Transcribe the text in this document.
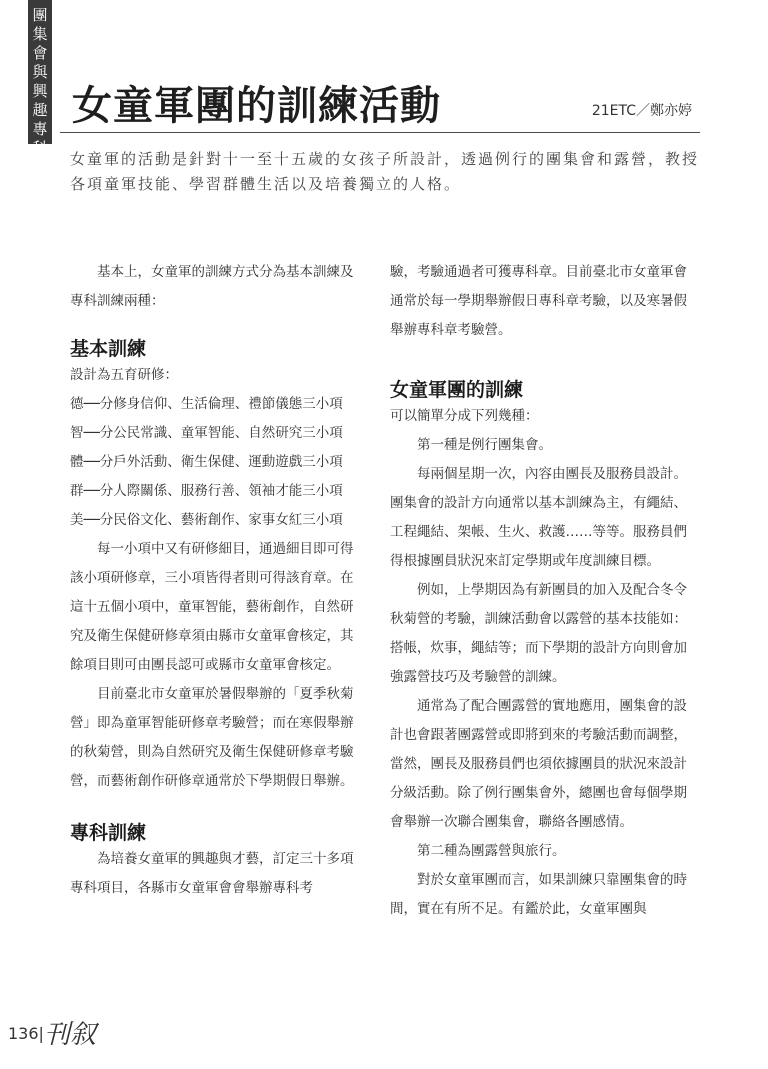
團集會與興趣專科
女童軍團的訓練活動	21ETC／鄭亦婷

女童軍的活動是針對十一至十五歲的女孩子所設計，透過例行的團集會和露營，教授各項童軍技能、學習群體生活以及培養獨立的人格。

基本上，女童軍的訓練方式分為基本訓練及專科訓練兩種：

基本訓練

設計為五育研修：

德──分修身信仰、生活倫理、禮節儀態三小項

智──分公民常識、童軍智能、自然研究三小項

體──分戶外活動、衛生保健、運動遊戲三小項

群──分人際關係、服務行善、領袖才能三小項

美──分民俗文化、藝術創作、家事女紅三小項

每一小項中又有研修細目，通過細目即可得該小項研修章，三小項皆得者則可得該育章。在這十五個小項中，童軍智能，藝術創作，自然研究及衛生保健研修章須由縣市女童軍會核定，其餘項目則可由團長認可或縣市女童軍會核定。

目前臺北市女童軍於暑假舉辦的「夏季秋菊營」即為童軍智能研修章考驗營；而在寒假舉辦的秋菊營，則為自然研究及衛生保健研修章考驗營，而藝術創作研修章通常於下學期假日舉辦。

專科訓練

為培養女童軍的興趣與才藝，訂定三十多項專科項目，各縣市女童軍會會舉辦專科考

驗，考驗通過者可獲專科章。目前臺北市女童軍會通常於每一學期舉辦假日專科章考驗，以及寒暑假舉辦專科章考驗營。

女童軍團的訓練

可以簡單分成下列幾種：

第一種是例行團集會。

每兩個星期一次，內容由團長及服務員設計。團集會的設計方向通常以基本訓練為主，有繩結、工程繩結、架帳、生火、救護……等等。服務員們得根據團員狀況來訂定學期或年度訓練目標。

例如，上學期因為有新團員的加入及配合冬令秋菊營的考驗，訓練活動會以露營的基本技能如：搭帳，炊事，繩結等；而下學期的設計方向則會加強露營技巧及考驗營的訓練。

通常為了配合團露營的實地應用，團集會的設計也會跟著團露營或即將到來的考驗活動而調整，當然，團長及服務員們也須依據團員的狀況來設計分級活動。除了例行團集會外，總團也會每個學期會舉辦一次聯合團集會，聯絡各團感情。

第二種為團露營與旅行。

對於女童軍團而言，如果訓練只靠團集會的時間，實在有所不足。有鑑於此，女童軍團與

136| 刊叙
